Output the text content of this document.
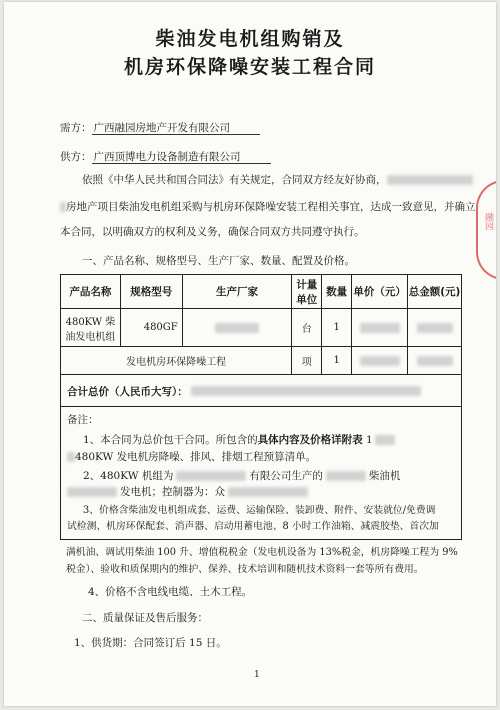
柴油发电机组购销及
机房环保降噪安装工程合同
需方： 广西融园房地产开发有限公司
供方： 广西顶博电力设备制造有限公司
依照《中华人民共和国合同法》有关规定，合同双方经友好协商，
房地产项目柴油发电机组采购与机房环保降噪安装工程相关事宜，达成一致意见，并确立
本合同，以明确双方的权利及义务，确保合同双方共同遵守执行。
一、产品名称、规格型号、生产厂家、数量、配置及价格。
产品名称	规格型号	生产厂家	计量单位	数量	单价（元）	总金额(元)
480KW 柴油发电机组	480GF		台	1		
发电机房环保降噪工程			项	1		
合计总价（人民币大写）：
备注：
1、本合同为总价包干合同。所包含的具体内容及价格详附表 1
480KW 发电机房降噪、排风、排烟工程预算清单。
2、480KW 机组为	有限公司生产的	柴油机
发电机；控制器为：众
3、价格含柴油发电机组成套、运费、运输保险、装卸费、附件、安装就位/免费调
试检测、机房环保配套、消声器、启动用蓄电池、8 小时工作油箱、减震胶垫、首次加
满机油、调试用柴油 100 升、增值税税金（发电机设备为 13%税金，机房降噪工程为 9%
税金）、验收和质保期内的维护、保养、技术培训和随机技术资料一套等所有费用。
4、价格不含电线电缆、土木工程。
二、质量保证及售后服务：
1、供货期：合同签订后 15 日。
1
融园
